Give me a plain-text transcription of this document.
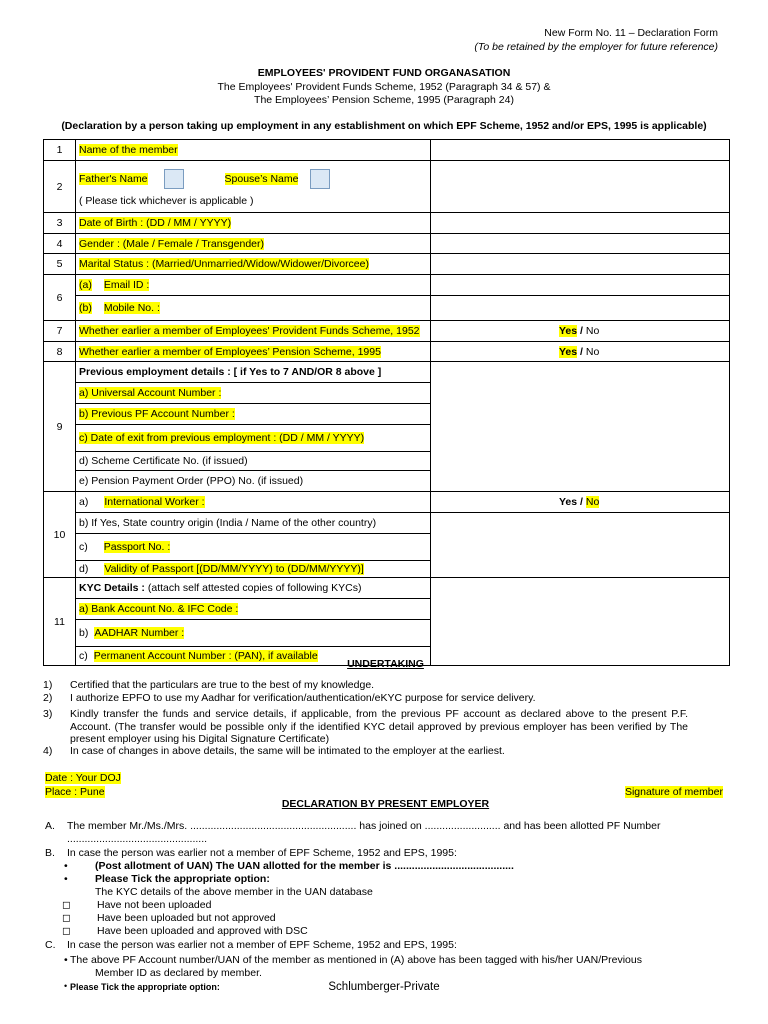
New Form No. 11 – Declaration Form
(To be retained by the employer for future reference)
EMPLOYEES' PROVIDENT FUND ORGANASATION
The Employees' Provident Funds Scheme, 1952 (Paragraph 34 & 57) &
The Employees’ Pension Scheme, 1995 (Paragraph 24)
(Declaration by a person taking up employment in any establishment on which EPF Scheme, 1952 and/or EPS, 1995 is applicable)
1	Name of the member	
2	Father's Name Spouse’s Name
( Please tick whichever is applicable )	

3	Date of Birth : (DD / MM / YYYY)	
4	Gender : (Male / Female / Transgender)	
5	Marital Status : (Married/Unmarried/Widow/Widower/Divorcee)	
6	(a) Email ID :	
	(b) Mobile No. :	
7	Whether earlier a member of Employees' Provident Funds Scheme, 1952	Yes / No
8	Whether earlier a member of Employees’ Pension Scheme, 1995	Yes / No
9	Previous employment details : [ if Yes to 7 AND/OR 8 above ]	
	a) Universal Account Number :	
	b) Previous PF Account Number :	
	c) Date of exit from previous employment : (DD / MM / YYYY)	
	d) Scheme Certificate No. (if issued)	
	e) Pension Payment Order (PPO) No. (if issued)	
10	a) International Worker :	Yes / No
	b) If Yes, State country origin (India / Name of the other country)	
	c) Passport No. :	
	d) Validity of Passport [(DD/MM/YYYY) to (DD/MM/YYYY)]	
11	KYC Details : (attach self attested copies of following KYCs)	
	a) Bank Account No. & IFC Code :	
	b) AADHAR Number :	
	c) Permanent Account Number : (PAN), if available	
UNDERTAKING
1)	Certified that the particulars are true to the best of my knowledge.
2)	I authorize EPFO to use my Aadhar for verification/authentication/eKYC purpose for service delivery.
3)	Kindly transfer the funds and service details, if applicable, from the previous PF account as declared above to the present P.F. Account. (The transfer would be possible only if the identified KYC detail approved by previous employer has been verified by The present employer using his Digital Signature Certificate)
4)	In case of changes in above details, the same will be intimated to the employer at the earliest.
Date : Your DOJ
Place : Pune	Signature of member
DECLARATION BY PRESENT EMPLOYER
A. The member Mr./Ms./Mrs. ......................................................... has joined on .......................... and has been allotted PF Number
................................................
B. In case the person was earlier not a member of EPF Scheme, 1952 and EPS, 1995:
•	(Post allotment of UAN) The UAN allotted for the member is .........................................
•	Please Tick the appropriate option:
The KYC details of the above member in the UAN database
◻	Have not been uploaded
◻	Have been uploaded but not approved
◻	Have been uploaded and approved with DSC
C. In case the person was earlier not a member of EPF Scheme, 1952 and EPS, 1995:
• The above PF Account number/UAN of the member as mentioned in (A) above has been tagged with his/her UAN/Previous
Member ID as declared by member.
• Please Tick the appropriate option:	Schlumberger-Private
